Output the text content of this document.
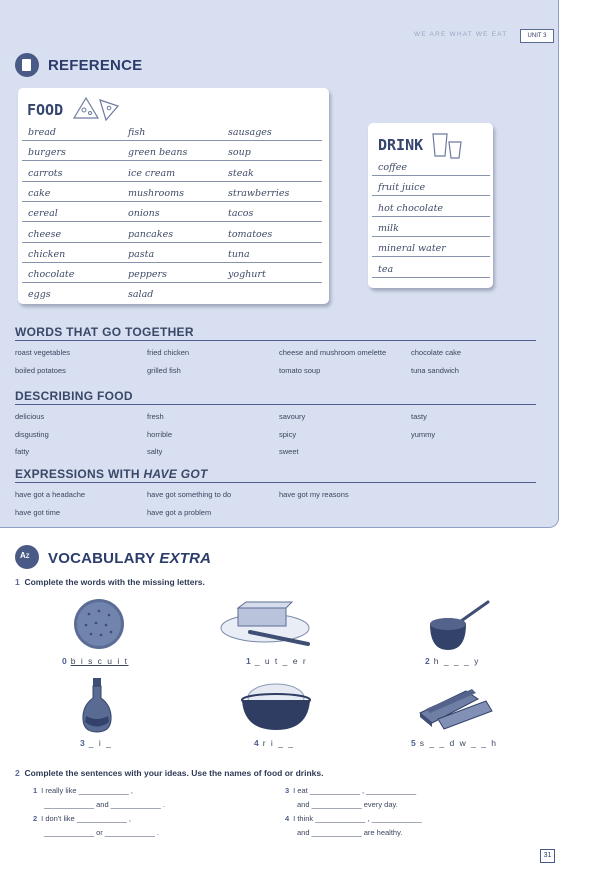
WE ARE WHAT WE EAT	UNIT 3
REFERENCE
FOOD
bread	fish	sausages
burgers	green beans	soup
carrots	ice cream	steak
cake	mushrooms	strawberries
cereal	onions	tacos
cheese	pancakes	tomatoes
chicken	pasta	tuna
chocolate	peppers	yoghurt
eggs	salad
DRINK
coffee
fruit juice
hot chocolate
milk
mineral water
tea
WORDS THAT GO TOGETHER
roast vegetables	fried chicken	cheese and mushroom omelette	chocolate cake
boiled potatoes	grilled fish	tomato soup	tuna sandwich
DESCRIBING FOOD
delicious	fresh	savoury	tasty
disgusting	horrible	spicy	yummy
fatty	salty	sweet
EXPRESSIONS WITH HAVE GOT
have got a headache	have got something to do	have got my reasons
have got time	have got a problem
AZ VOCABULARY EXTRA
1 Complete the words with the missing letters.
0 b i s c u i t	1 _ u t _ e r	2 h _ _ _ y
3 _ i _	4 r i _ _	5 s _ _ d w _ _ h
2 Complete the sentences with your ideas. Use the names of food or drinks.
1 I really like ____________ ,
____________ and ____________ .
2 I don't like ____________ ,
____________ or ____________ .
3 I eat ____________ , ____________
and ____________ every day.
4 I think ____________ , ____________
and ____________ are healthy.
31
